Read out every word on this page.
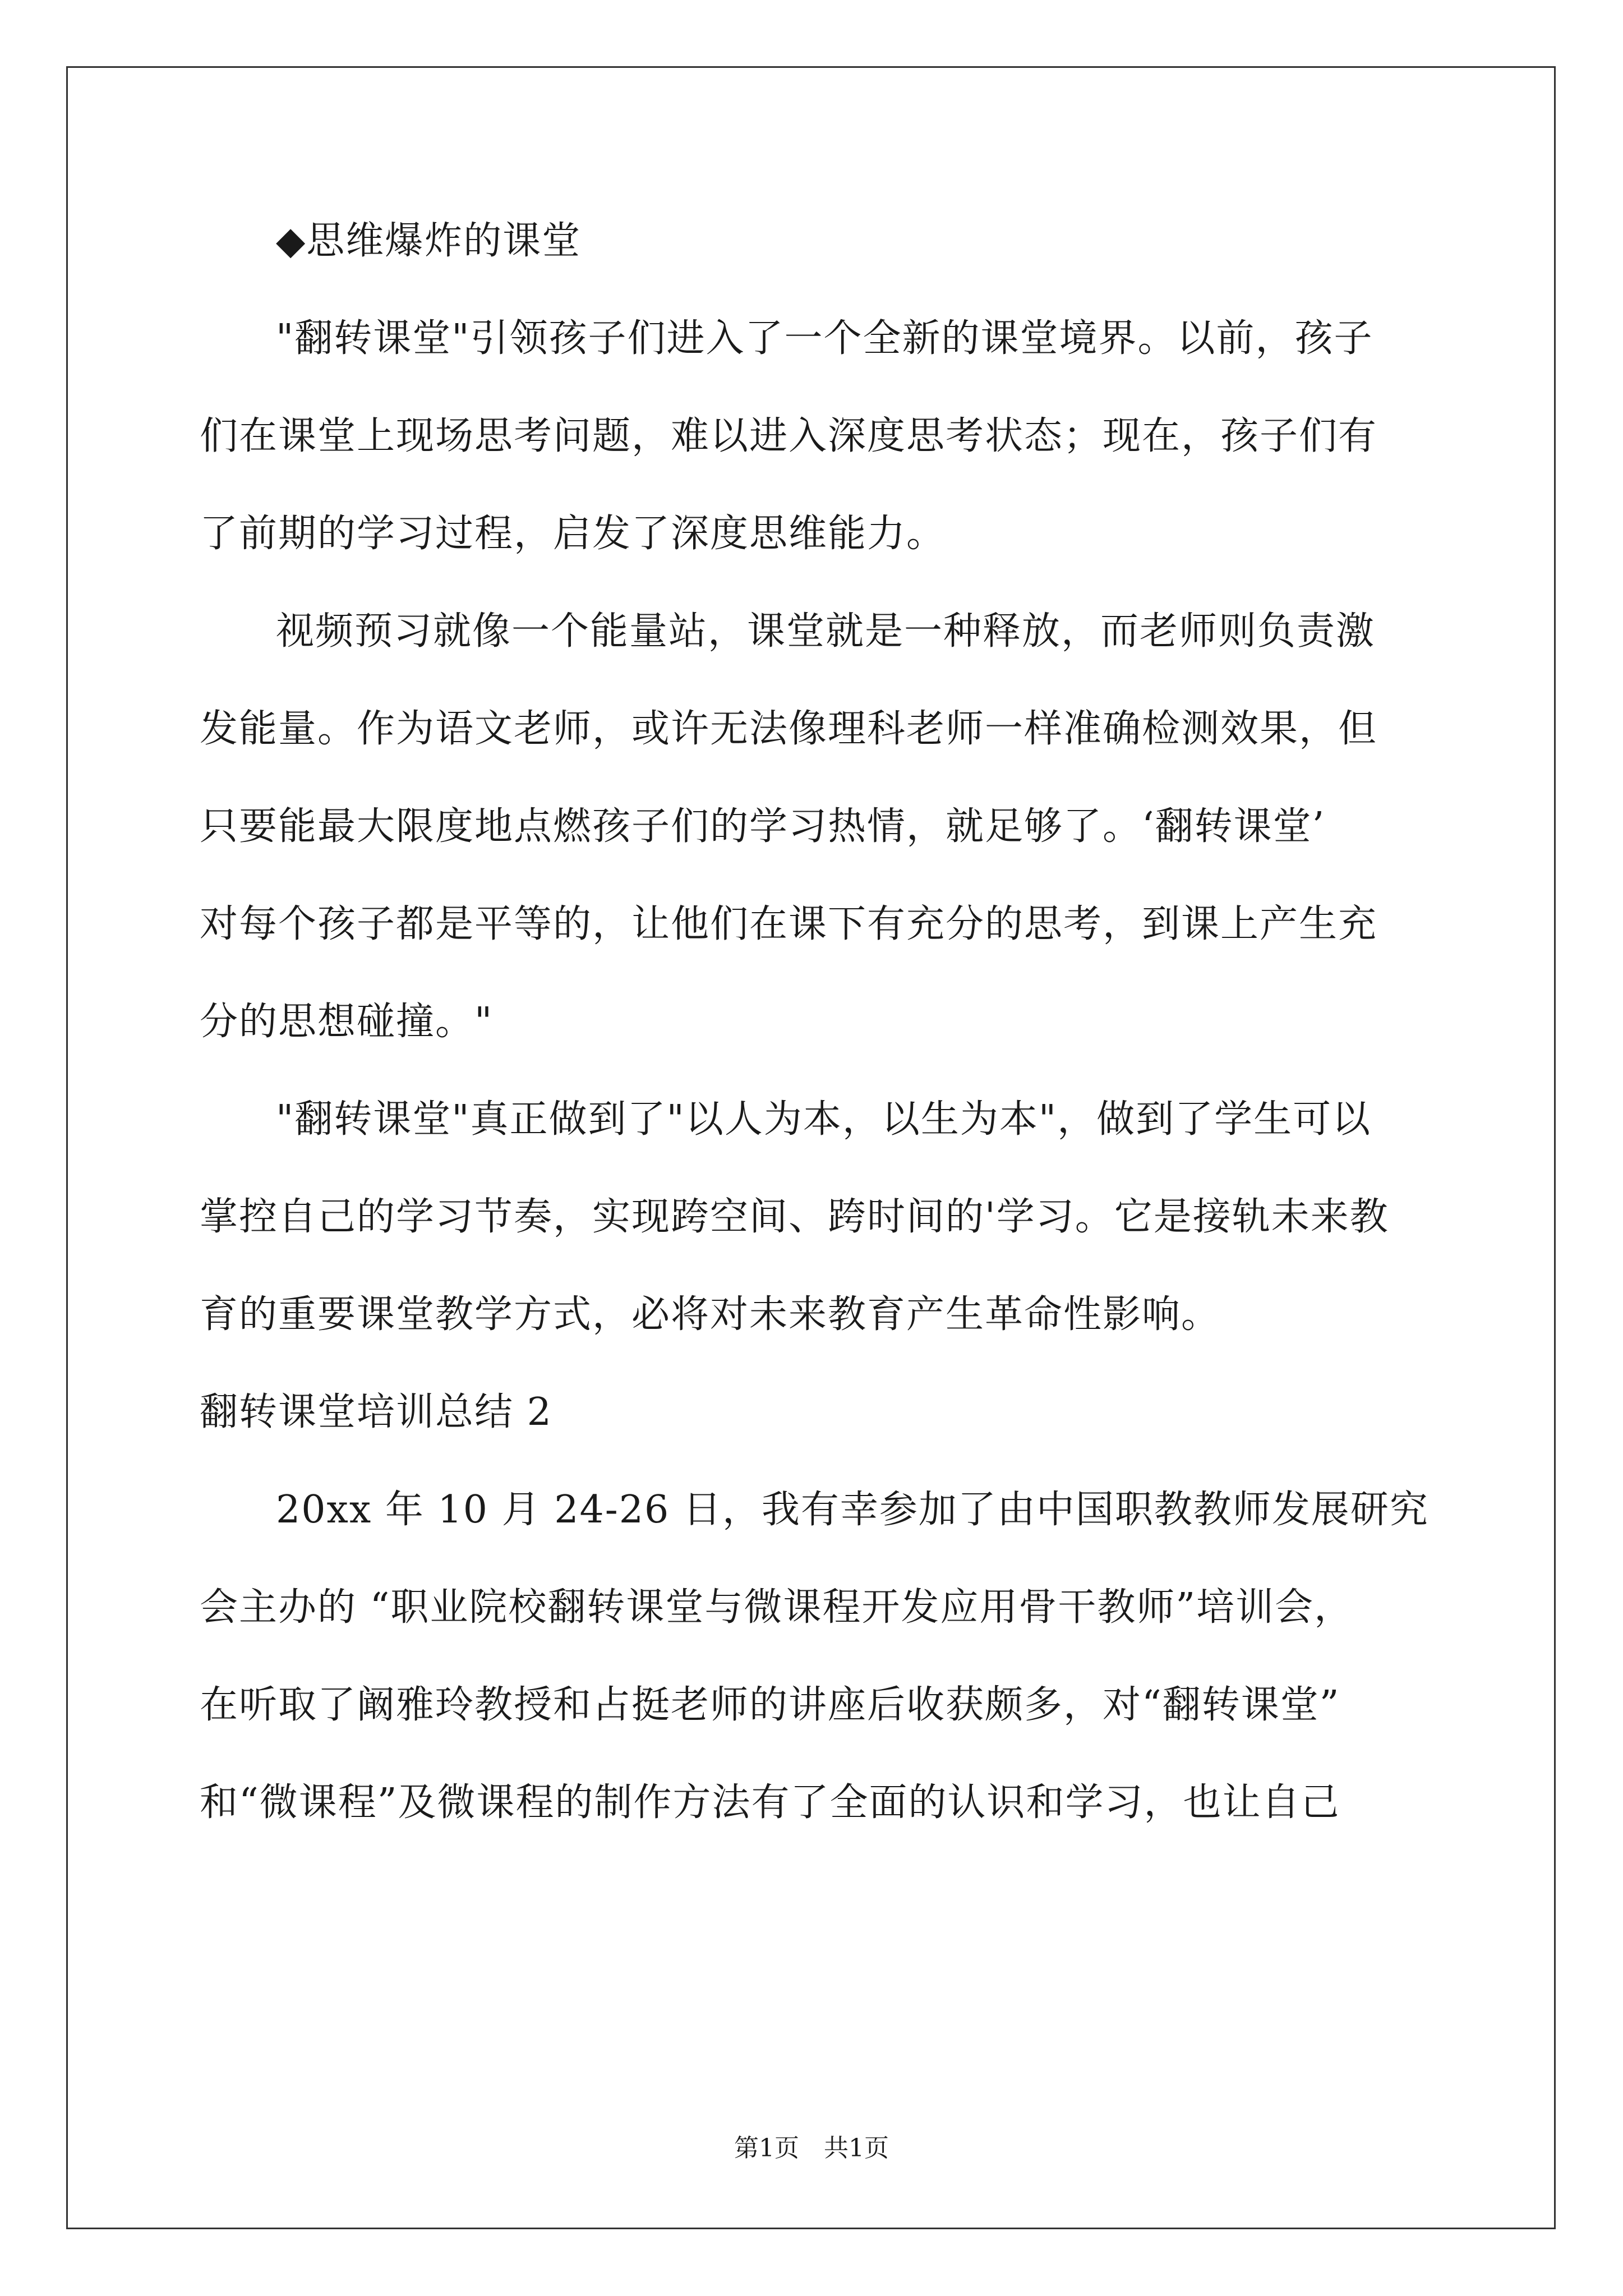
◆思维爆炸的课堂
"翻转课堂"引领孩子们进入了一个全新的课堂境界。以前，孩子
们在课堂上现场思考问题，难以进入深度思考状态；现在，孩子们有
了前期的学习过程，启发了深度思维能力。
视频预习就像一个能量站，课堂就是一种释放，而老师则负责激
发能量。作为语文老师，或许无法像理科老师一样准确检测效果，但
只要能最大限度地点燃孩子们的学习热情，就足够了。‘翻转课堂’
对每个孩子都是平等的，让他们在课下有充分的思考，到课上产生充
分的思想碰撞。"
"翻转课堂"真正做到了"以人为本，以生为本"，做到了学生可以
掌控自己的学习节奏，实现跨空间、跨时间的'学习。它是接轨未来教
育的重要课堂教学方式，必将对未来教育产生革命性影响。
翻转课堂培训总结 2
20xx 年 10 月 24-26 日，我有幸参加了由中国职教教师发展研究
会主办的 “职业院校翻转课堂与微课程开发应用骨干教师”培训会，
在听取了阚雅玲教授和占挺老师的讲座后收获颇多，对“翻转课堂”
和“微课程”及微课程的制作方法有了全面的认识和学习，也让自己
第1页　共1页
